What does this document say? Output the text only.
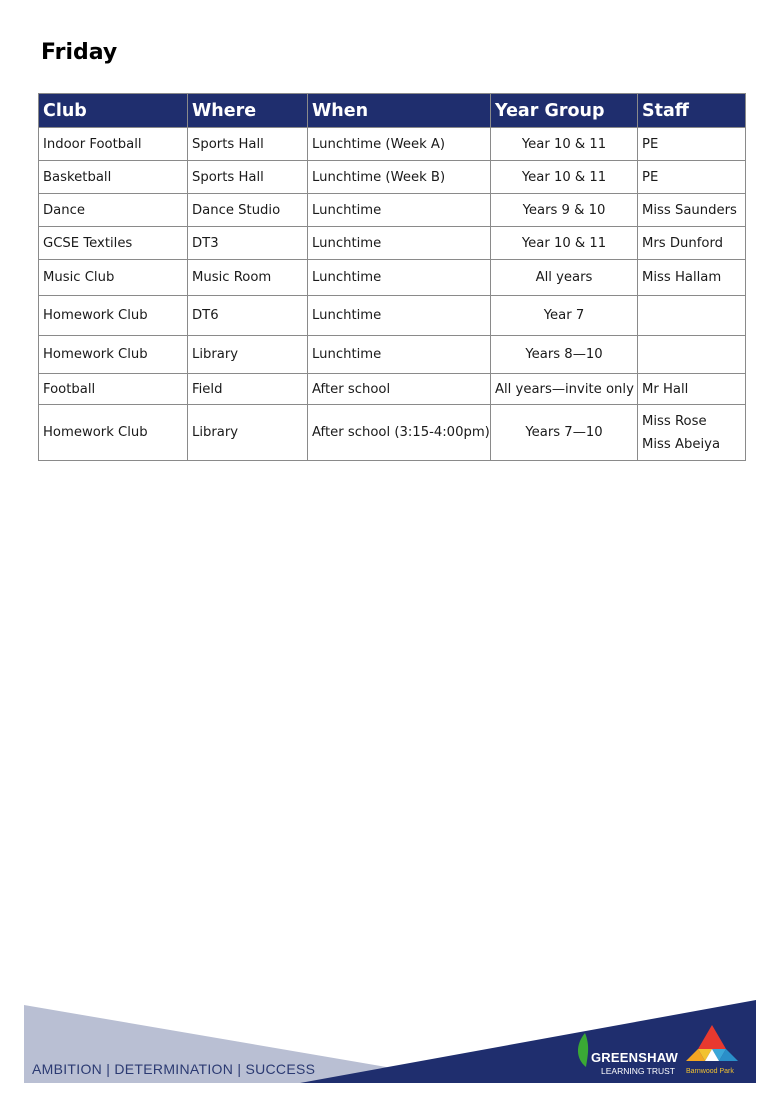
Friday
Club	Where	When	Year Group	Staff
Indoor Football	Sports Hall	Lunchtime (Week A)	Year 10 & 11	PE
Basketball	Sports Hall	Lunchtime (Week B)	Year 10 & 11	PE
Dance	Dance Studio	Lunchtime	Years 9 & 10	Miss Saunders
GCSE Textiles	DT3	Lunchtime	Year 10 & 11	Mrs Dunford
Music Club	Music Room	Lunchtime	All years	Miss Hallam
Homework Club	DT6	Lunchtime	Year 7	
Homework Club	Library	Lunchtime	Years 8—10	
Football	Field	After school	All years—invite only	Mr Hall
Homework Club	Library	After school (3:15-4:00pm)	Years 7—10	Miss Rose
Miss Abeiya
AMBITION | DETERMINATION | SUCCESS
GREENSHAW
LEARNING TRUST Barnwood Park
